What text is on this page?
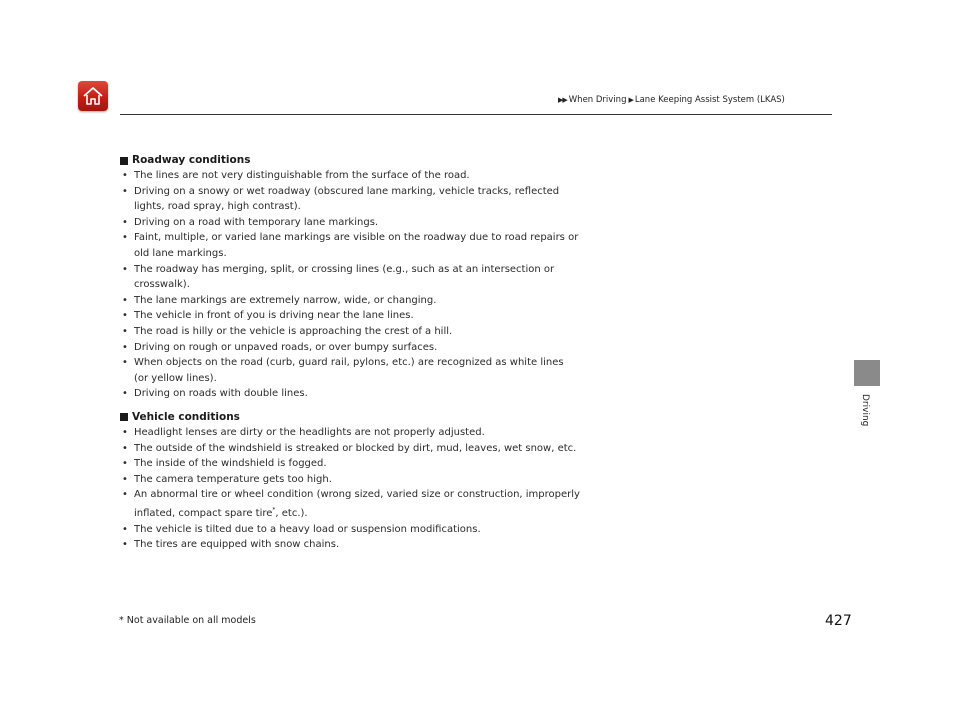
▶▶ When Driving ▶ Lane Keeping Assist System (LKAS)
Roadway conditions
• The lines are not very distinguishable from the surface of the road.
• Driving on a snowy or wet roadway (obscured lane marking, vehicle tracks, reflected lights, road spray, high contrast).
• Driving on a road with temporary lane markings.
• Faint, multiple, or varied lane markings are visible on the roadway due to road repairs or old lane markings.
• The roadway has merging, split, or crossing lines (e.g., such as at an intersection or crosswalk).
• The lane markings are extremely narrow, wide, or changing.
• The vehicle in front of you is driving near the lane lines.
• The road is hilly or the vehicle is approaching the crest of a hill.
• Driving on rough or unpaved roads, or over bumpy surfaces.
• When objects on the road (curb, guard rail, pylons, etc.) are recognized as white lines (or yellow lines).
• Driving on roads with double lines.
Vehicle conditions
• Headlight lenses are dirty or the headlights are not properly adjusted.
• The outside of the windshield is streaked or blocked by dirt, mud, leaves, wet snow, etc.
• The inside of the windshield is fogged.
• The camera temperature gets too high.
• An abnormal tire or wheel condition (wrong sized, varied size or construction, improperly inflated, compact spare tire*, etc.).
• The vehicle is tilted due to a heavy load or suspension modifications.
• The tires are equipped with snow chains.
Driving
* Not available on all models	427
